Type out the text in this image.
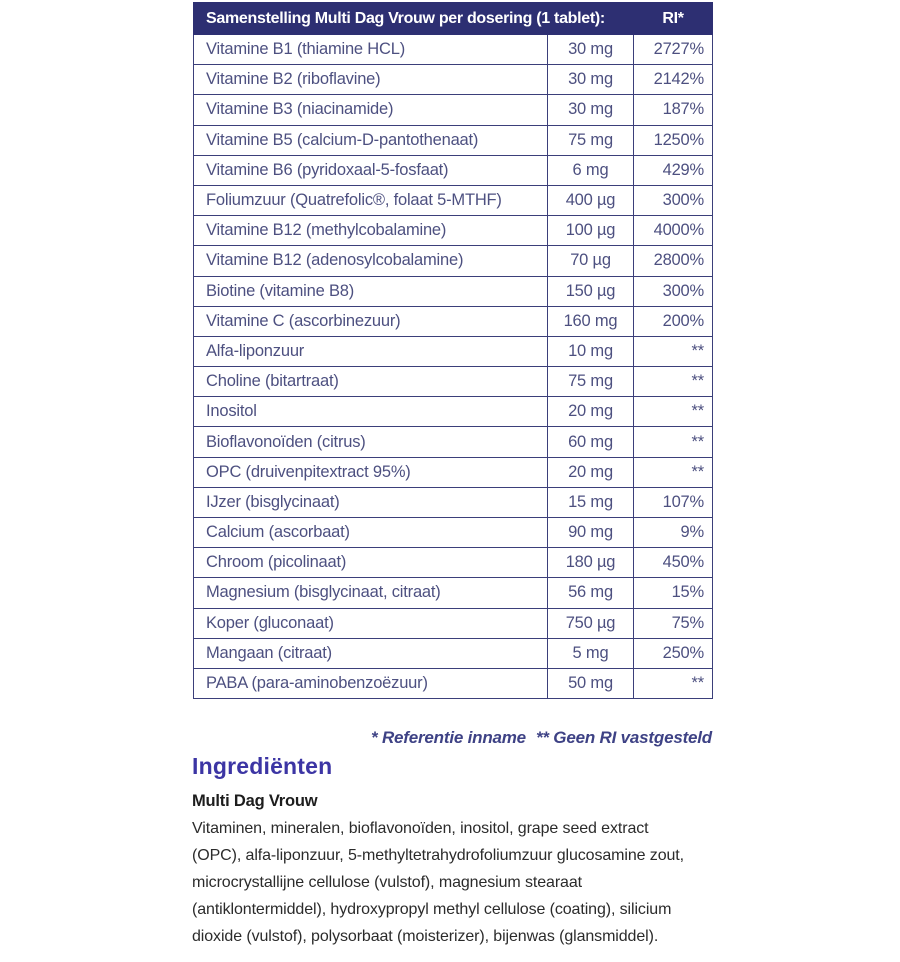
Samenstelling Multi Dag Vrouw per dosering (1 tablet):		RI*
Vitamine B1 (thiamine HCL)	30 mg	2727%
Vitamine B2 (riboflavine)	30 mg	2142%
Vitamine B3 (niacinamide)	30 mg	187%
Vitamine B5 (calcium-D-pantothenaat)	75 mg	1250%
Vitamine B6 (pyridoxaal-5-fosfaat)	6 mg	429%
Foliumzuur (Quatrefolic®, folaat 5-MTHF)	400 µg	300%
Vitamine B12 (methylcobalamine)	100 µg	4000%
Vitamine B12 (adenosylcobalamine)	70 µg	2800%
Biotine (vitamine B8)	150 µg	300%
Vitamine C (ascorbinezuur)	160 mg	200%
Alfa-liponzuur	10 mg	**
Choline (bitartraat)	75 mg	**
Inositol	20 mg	**
Bioflavonoïden (citrus)	60 mg	**
OPC (druivenpitextract 95%)	20 mg	**
IJzer (bisglycinaat)	15 mg	107%
Calcium (ascorbaat)	90 mg	9%
Chroom (picolinaat)	180 µg	450%
Magnesium (bisglycinaat, citraat)	56 mg	15%
Koper (gluconaat)	750 µg	75%
Mangaan (citraat)	5 mg	250%
PABA (para-aminobenzoëzuur)	50 mg	**
* Referentie inname ** Geen RI vastgesteld
Ingrediënten
Multi Dag Vrouw
Vitaminen, mineralen, bioflavonoïden, inositol, grape seed extract (OPC), alfa-liponzuur, 5-methyltetrahydrofoliumzuur glucosamine zout, microcrystallijne cellulose (vulstof), magnesium stearaat (antiklontermiddel), hydroxypropyl methyl cellulose (coating), silicium dioxide (vulstof), polysorbaat (moisterizer), bijenwas (glansmiddel).
